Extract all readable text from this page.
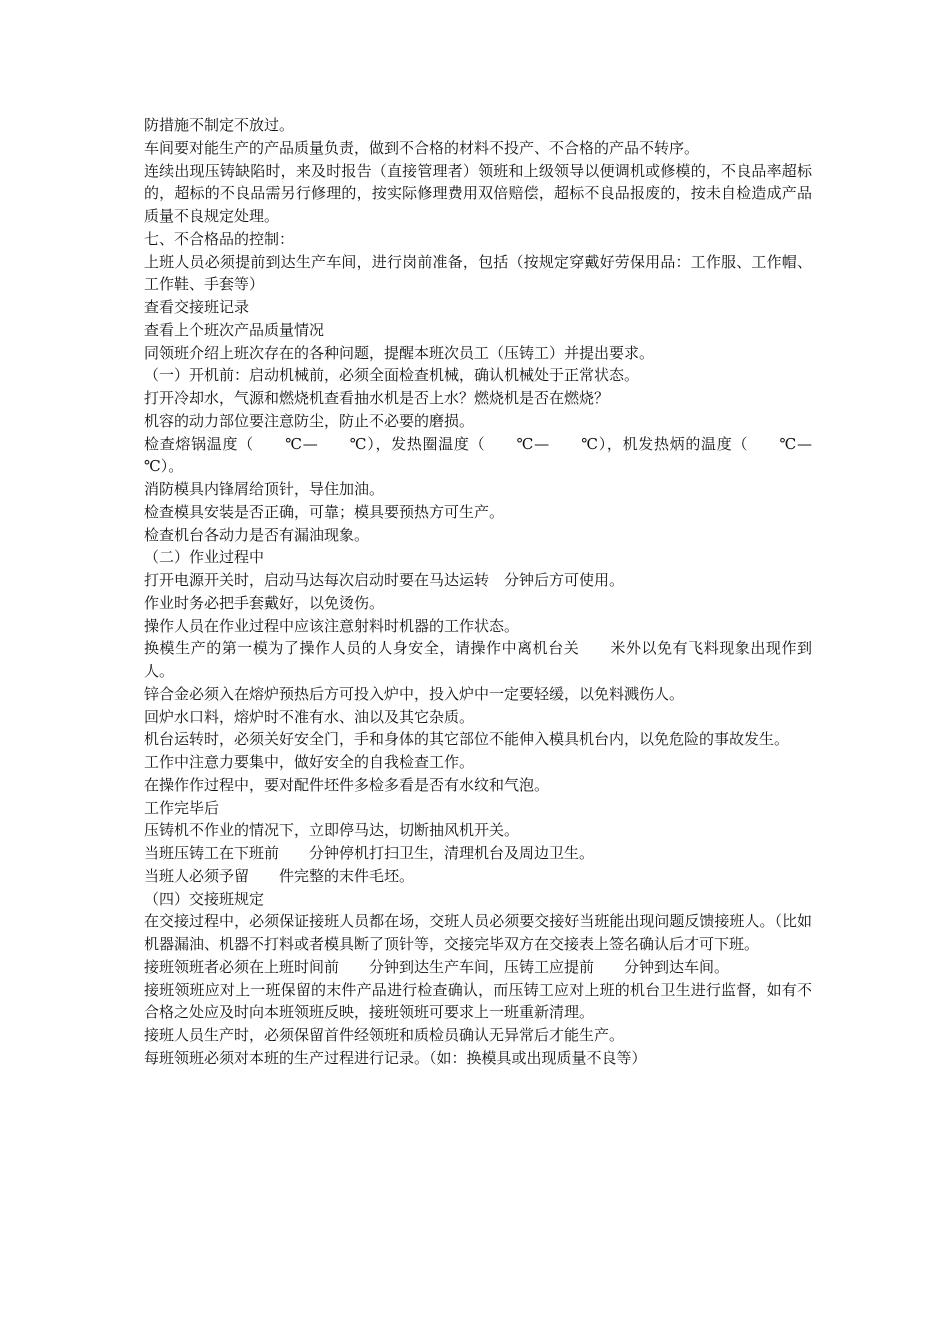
防措施不制定不放过。

车间要对能生产的产品质量负责，做到不合格的材料不投产、不合格的产品不转序。

连续出现压铸缺陷时，来及时报告（直接管理者）领班和上级领导以便调机或修模的，不良品率超标的，超标的不良品需另行修理的，按实际修理费用双倍赔偿，超标不良品报废的，按未自检造成产品质量不良规定处理。

七、不合格品的控制：

上班人员必须提前到达生产车间，进行岗前准备，包括（按规定穿戴好劳保用品：工作服、工作帽、工作鞋、手套等）

查看交接班记录

查看上个班次产品质量情况

同领班介绍上班次存在的各种问题，提醒本班次员工（压铸工）并提出要求。

（一）开机前：启动机械前，必须全面检查机械，确认机械处于正常状态。

打开冷却水，气源和燃烧机查看抽水机是否上水？燃烧机是否在燃烧？

机容的动力部位要注意防尘，防止不必要的磨损。

检查熔锅温度（　　℃—　　℃），发热圈温度（　　℃—　　℃），机发热炳的温度（　　℃—　　℃）。

消防模具内锋屑给顶针，导住加油。

检查模具安装是否正确，可靠；模具要预热方可生产。

检查机台各动力是否有漏油现象。

（二）作业过程中

打开电源开关时，启动马达每次启动时要在马达运转　分钟后方可使用。

作业时务必把手套戴好，以免烫伤。

操作人员在作业过程中应该注意射料时机器的工作状态。

换模生产的第一模为了操作人员的人身安全，请操作中离机台关　　米外以免有飞料现象出现作到人。

锌合金必须入在熔炉预热后方可投入炉中，投入炉中一定要轻缓，以免料溅伤人。

回炉水口料，熔炉时不准有水、油以及其它杂质。

机台运转时，必须关好安全门，手和身体的其它部位不能伸入模具机台内，以免危险的事故发生。

工作中注意力要集中，做好安全的自我检查工作。

在操作作过程中，要对配件坯件多检多看是否有水纹和气泡。

工作完毕后

压铸机不作业的情况下，立即停马达，切断抽风机开关。

当班压铸工在下班前　　分钟停机打扫卫生，清理机台及周边卫生。

当班人必须予留　　件完整的末件毛坯。

（四）交接班规定

在交接过程中，必须保证接班人员都在场，交班人员必须要交接好当班能出现问题反馈接班人。（比如机器漏油、机器不打料或者模具断了顶针等，交接完毕双方在交接表上签名确认后才可下班。

接班领班者必须在上班时间前　　分钟到达生产车间，压铸工应提前　　分钟到达车间。

接班领班应对上一班保留的末件产品进行检查确认，而压铸工应对上班的机台卫生进行监督，如有不合格之处应及时向本班领班反映，接班领班可要求上一班重新清理。

接班人员生产时，必须保留首件经领班和质检员确认无异常后才能生产。

每班领班必须对本班的生产过程进行记录。（如：换模具或出现质量不良等）
